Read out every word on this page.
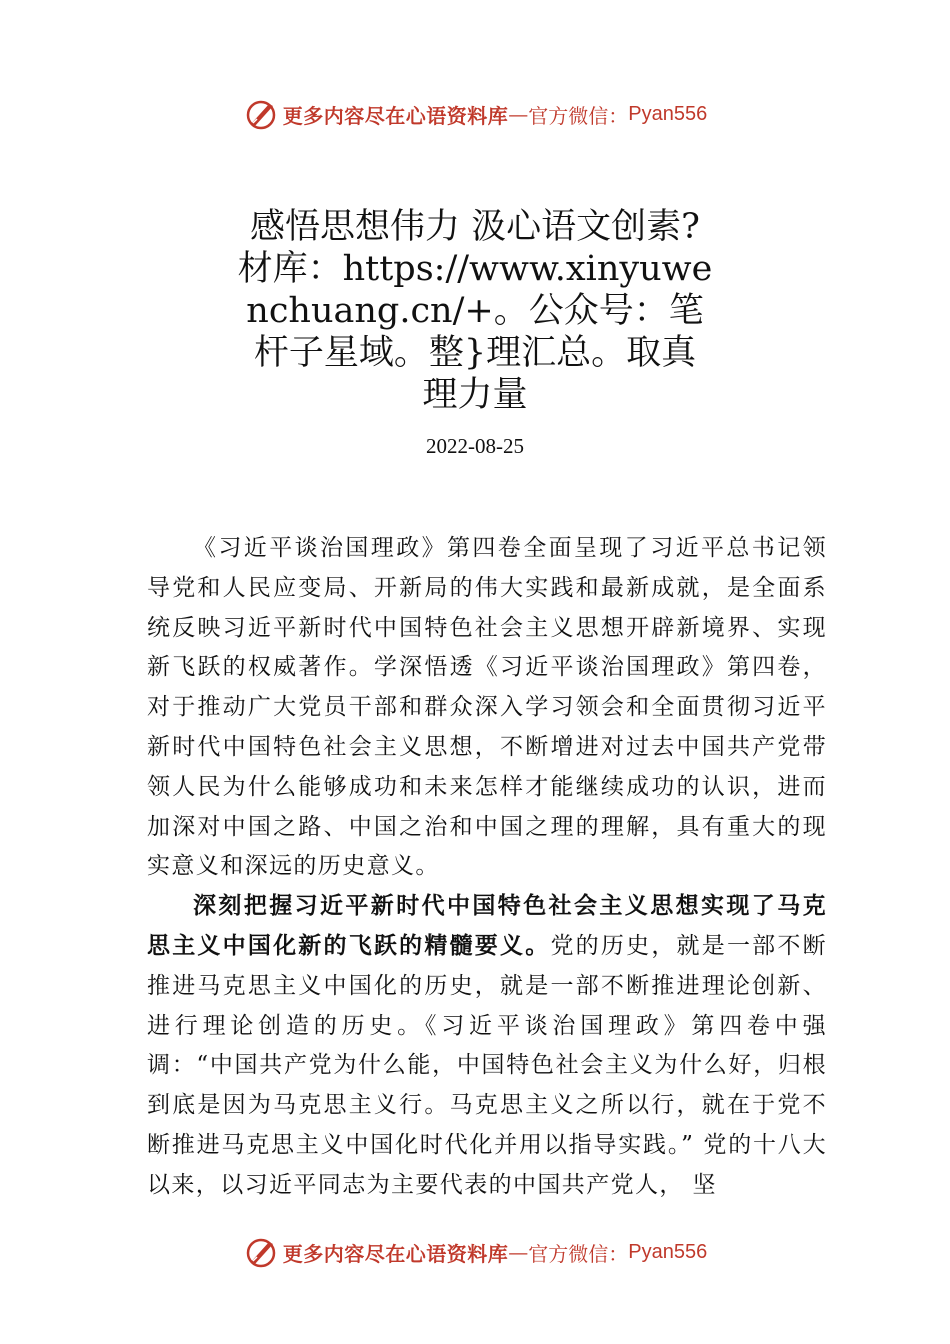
更多内容尽在心语资料库 — 官方微信： Pyan556
感悟思想伟力 汲心语文创素?
材库：https://www.xinyuwe
nchuang.cn/+。公众号：笔
杆子星域。整}理汇总。取真
理力量
2022-08-25

《习近平谈治国理政》第四卷全面呈现了习近平总书记领导党和人民应变局、开新局的伟大实践和最新成就，是全面系统反映习近平新时代中国特色社会主义思想开辟新境界、实现新飞跃的权威著作。学深悟透《习近平谈治国理政》第四卷，对于推动广大党员干部和群众深入学习领会和全面贯彻习近平新时代中国特色社会主义思想，不断增进对过去中国共产党带领人民为什么能够成功和未来怎样才能继续成功的认识，进而加深对中国之路、中国之治和中国之理的理解，具有重大的现实意义和深远的历史意义。

深刻把握习近平新时代中国特色社会主义思想实现了马克思主义中国化新的飞跃的精髓要义。党的历史，就是一部不断推进马克思主义中国化的历史，就是一部不断推进理论创新、进行理论创造的历史。《习近平谈治国理政》第四卷中强调：“中国共产党为什么能，中国特色社会主义为什么好，归根到底是因为马克思主义行。马克思主义之所以行，就在于党不断推进马克思主义中国化时代化并用以指导实践。” 党的十八大以来，以习近平同志为主要代表的中国共产党人， 坚

更多内容尽在心语资料库 — 官方微信： Pyan556
